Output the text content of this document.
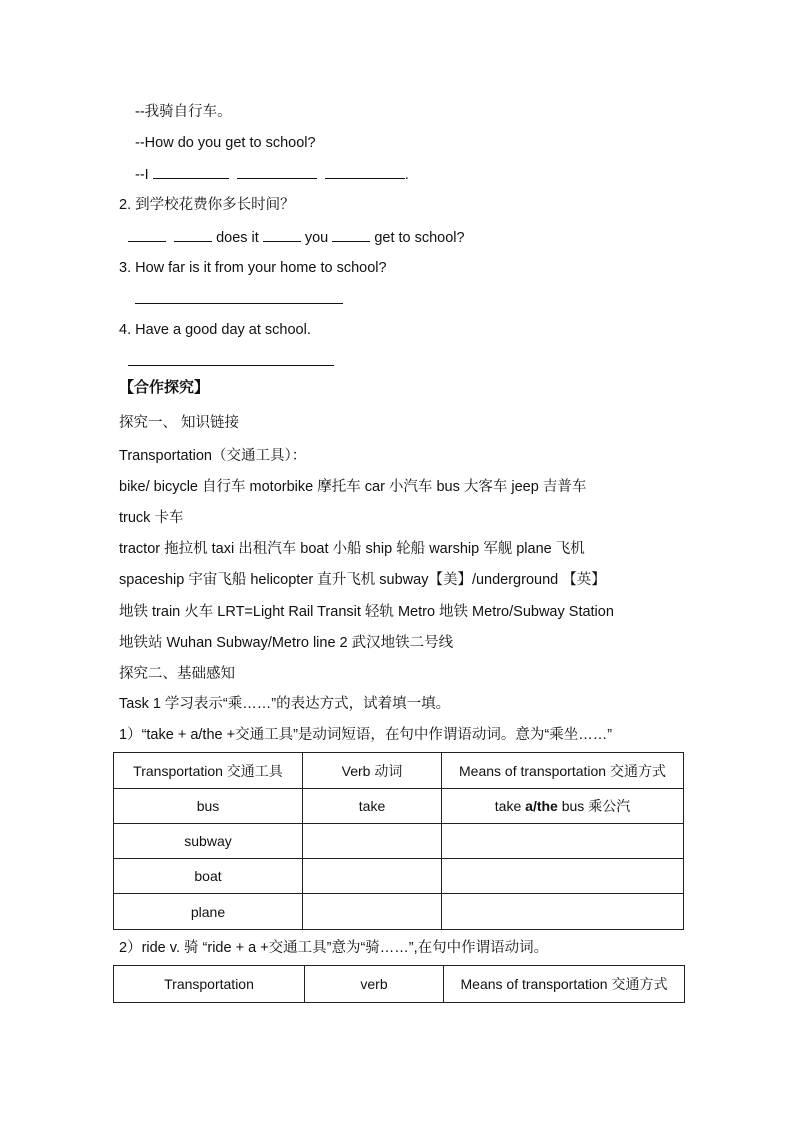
--我骑自行车。
--How do you get to school?
--I	.
2. 到学校花费你多长时间？
does it	you	get to school?
3. How far is it from your home to school?
4. Have a good day at school.
【合作探究】
探究一、 知识链接
Transportation（交通工具）：
bike/ bicycle 自行车 motorbike 摩托车 car 小汽车 bus 大客车 jeep 吉普车
truck 卡车
tractor 拖拉机 taxi 出租汽车 boat 小船 ship 轮船 warship 军舰 plane 飞机
spaceship 宇宙飞船 helicopter 直升飞机 subway【美】/underground 【英】
地铁 train 火车 LRT=Light Rail Transit 轻轨 Metro 地铁 Metro/Subway Station
地铁站 Wuhan Subway/Metro line 2 武汉地铁二号线
探究二、基础感知
Task 1 学习表示“乘……”的表达方式，试着填一填。
1）“take + a/the +交通工具”是动词短语，在句中作谓语动词。意为“乘坐……”
Transportation 交通工具	Verb 动词	Means of transportation 交通方式
bus	take	take a/the bus 乘公汽
subway		
boat		
plane		
2）ride v. 骑 “ride + a +交通工具”意为“骑……”,在句中作谓语动词。
Transportation	verb	Means of transportation 交通方式
